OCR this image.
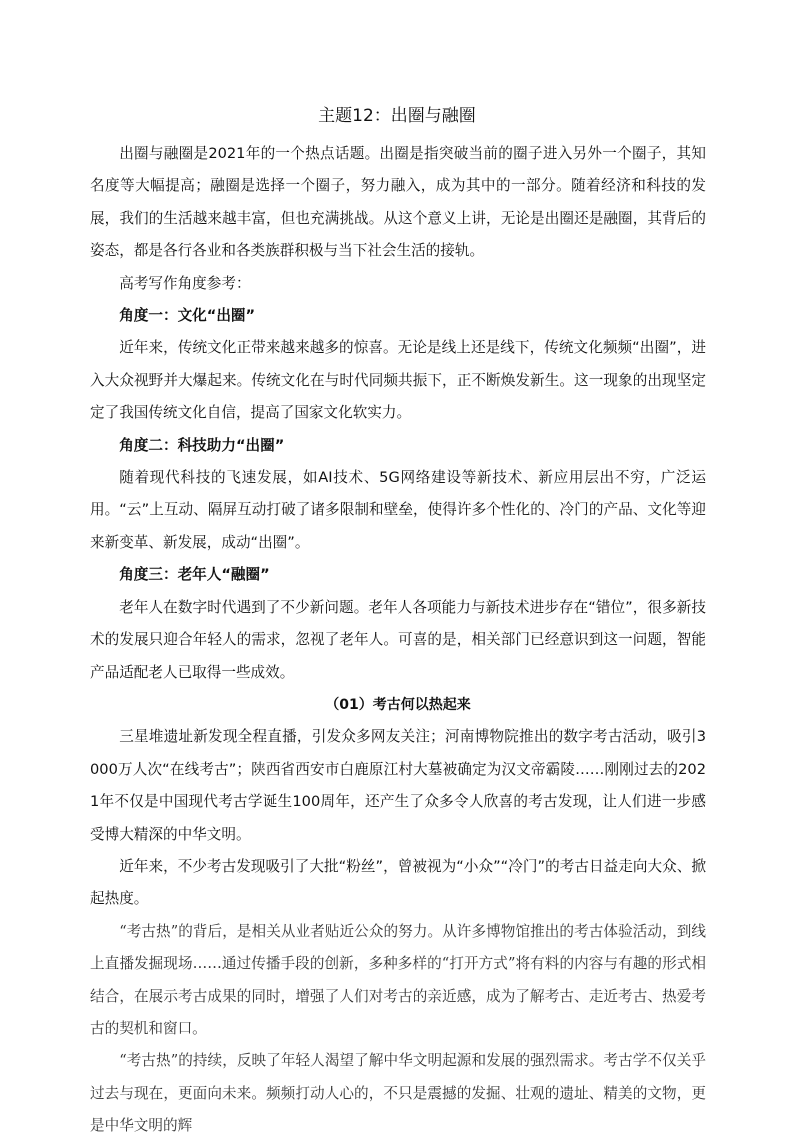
主题12：出圈与融圈

出圈与融圈是2021年的一个热点话题。出圈是指突破当前的圈子进入另外一个圈子，其知名度等大幅提高；融圈是选择一个圈子，努力融入，成为其中的一部分。随着经济和科技的发展，我们的生活越来越丰富，但也充满挑战。从这个意义上讲，无论是出圈还是融圈，其背后的姿态，都是各行各业和各类族群积极与当下社会生活的接轨。

高考写作角度参考：

角度一：文化“出圈”

近年来，传统文化正带来越来越多的惊喜。无论是线上还是线下，传统文化频频“出圈”，进入大众视野并大爆起来。传统文化在与时代同频共振下，正不断焕发新生。这一现象的出现坚定定了我国传统文化自信，提高了国家文化软实力。

角度二：科技助力“出圈”

随着现代科技的飞速发展，如AI技术、5G网络建设等新技术、新应用层出不穷，广泛运用。“云”上互动、隔屏互动打破了诸多限制和壁垒，使得许多个性化的、冷门的产品、文化等迎来新变革、新发展，成动“出圈”。

角度三：老年人“融圈”

老年人在数字时代遇到了不少新问题。老年人各项能力与新技术进步存在“错位”，很多新技术的发展只迎合年轻人的需求，忽视了老年人。可喜的是，相关部门已经意识到这一问题，智能产品适配老人已取得一些成效。

（01）考古何以热起来

三星堆遗址新发现全程直播，引发众多网友关注；河南博物院推出的数字考古活动，吸引3000万人次“在线考古”；陕西省西安市白鹿原江村大墓被确定为汉文帝霸陵……刚刚过去的2021年不仅是中国现代考古学诞生100周年，还产生了众多令人欣喜的考古发现，让人们进一步感受博大精深的中华文明。

近年来，不少考古发现吸引了大批“粉丝”，曾被视为“小众”“冷门”的考古日益走向大众、掀起热度。

“考古热”的背后，是相关从业者贴近公众的努力。从许多博物馆推出的考古体验活动，到线上直播发掘现场……通过传播手段的创新，多种多样的“打开方式”将有料的内容与有趣的形式相结合，在展示考古成果的同时，增强了人们对考古的亲近感，成为了解考古、走近考古、热爱考古的契机和窗口。

“考古热”的持续，反映了年轻人渴望了解中华文明起源和发展的强烈需求。考古学不仅关乎过去与现在，更面向未来。频频打动人心的，不只是震撼的发掘、壮观的遗址、精美的文物，更是中华文明的辉
